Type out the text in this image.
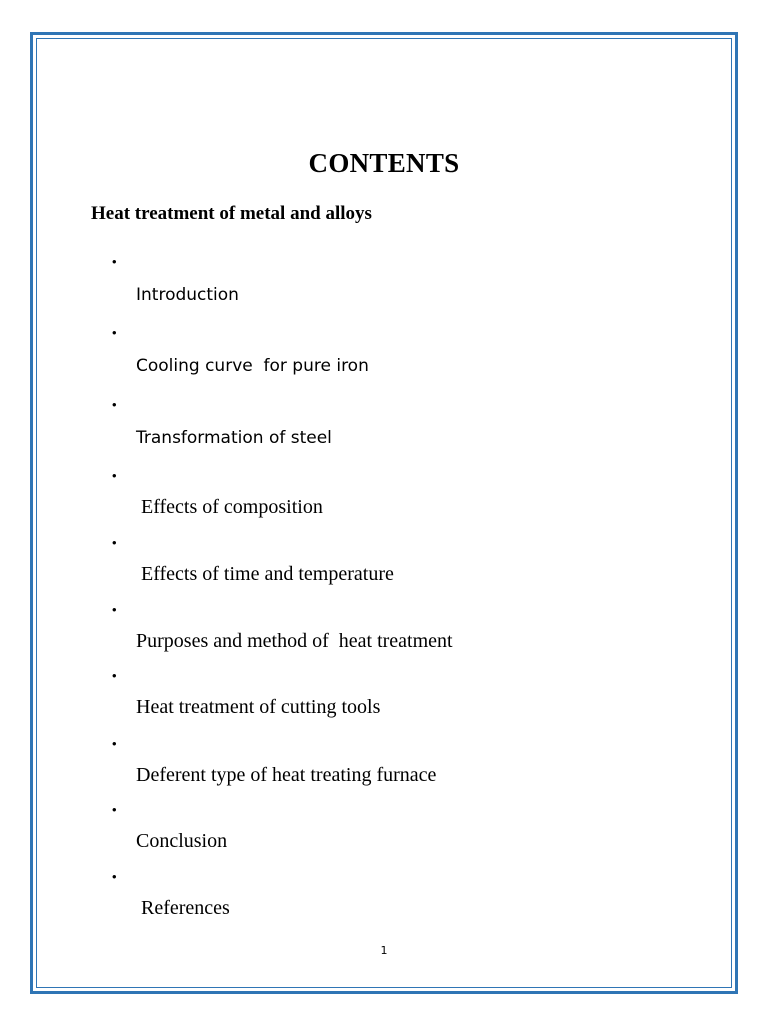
CONTENTS
Heat treatment of metal and alloys

•

Introduction

•

Cooling curve  for pure iron

•

Transformation of steel

•

Effects of composition

•

Effects of time and temperature

•

Purposes and method of  heat treatment

•

Heat treatment of cutting tools

•

Deferent type of heat treating furnace

•

Conclusion

•

References

1
